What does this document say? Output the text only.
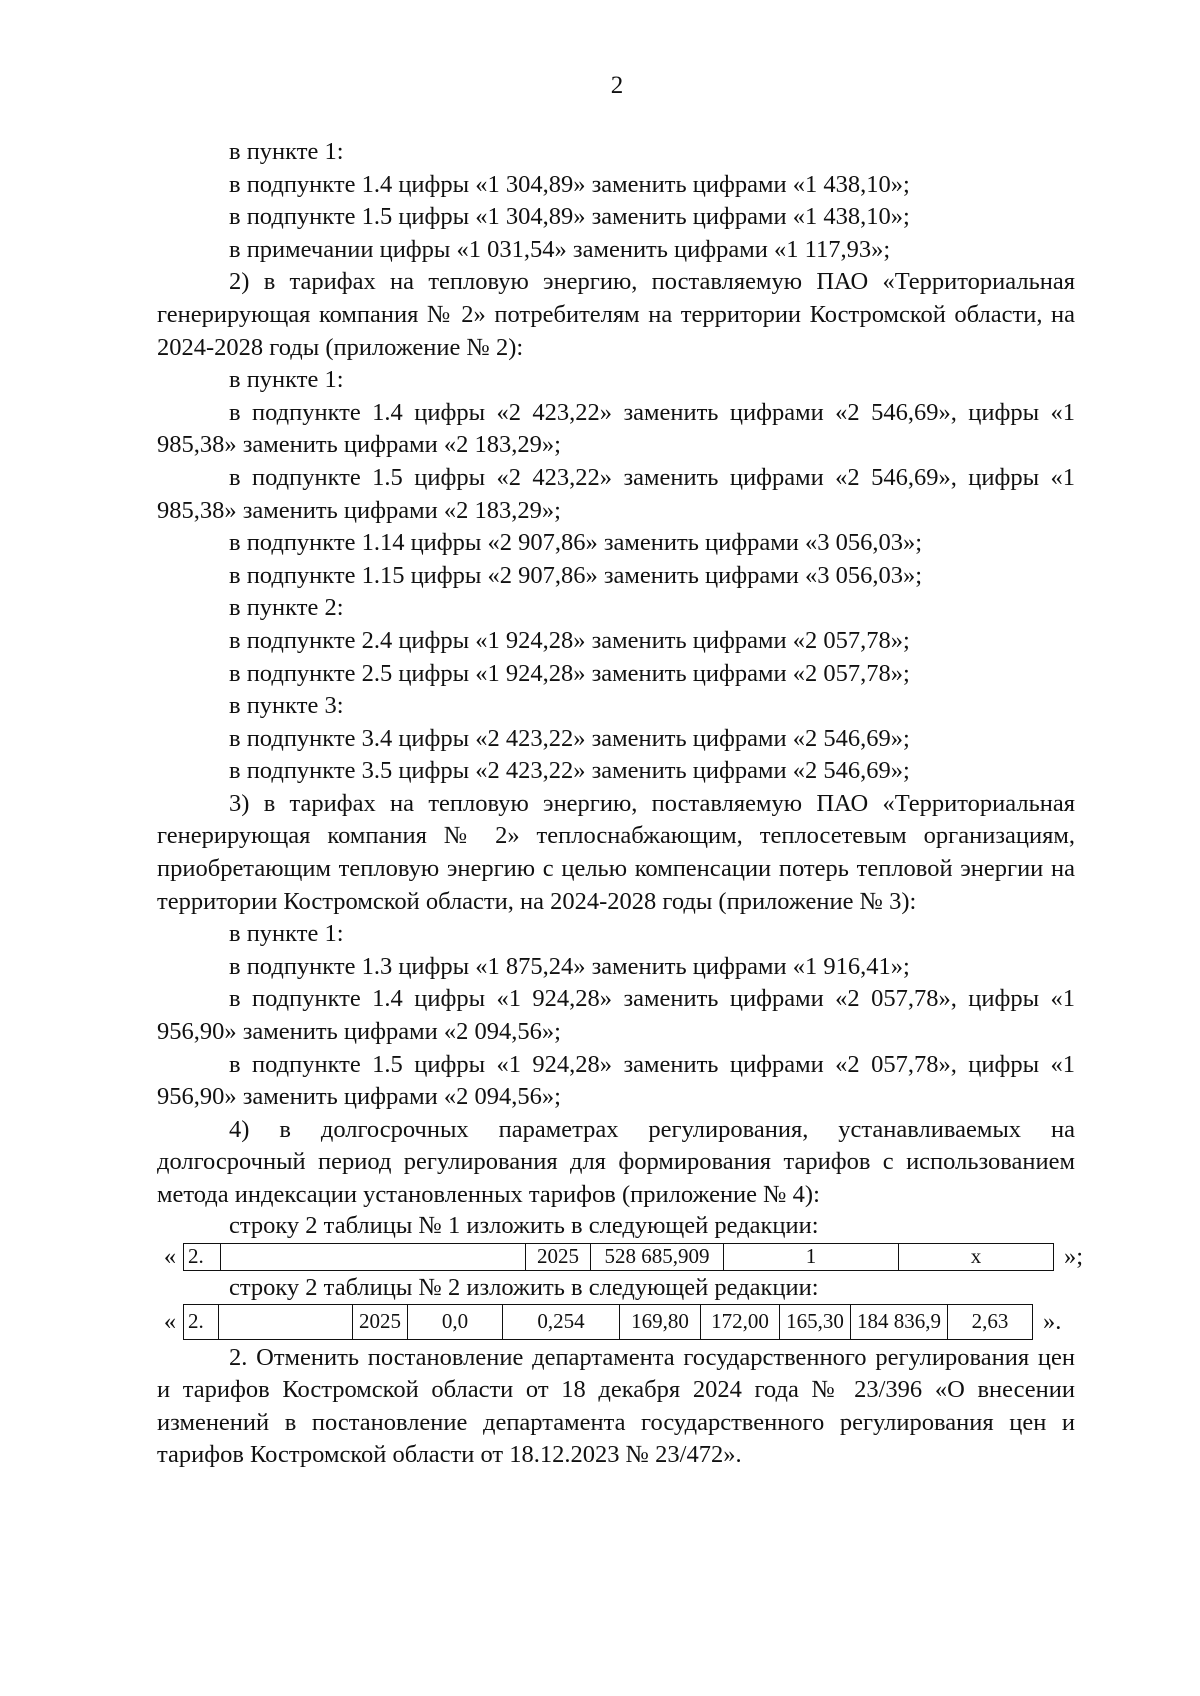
2

в пункте 1:

в подпункте 1.4 цифры «1 304,89» заменить цифрами «1 438,10»;

в подпункте 1.5 цифры «1 304,89» заменить цифрами «1 438,10»;

в примечании цифры «1 031,54» заменить цифрами «1 117,93»;

2) в тарифах на тепловую энергию, поставляемую ПАО «Территориальная генерирующая компания № 2» потребителям на территории Костромской области, на 2024-2028 годы (приложение № 2):

в пункте 1:

в подпункте 1.4 цифры «2 423,22» заменить цифрами «2 546,69», цифры «1 985,38» заменить цифрами «2 183,29»;

в подпункте 1.5 цифры «2 423,22» заменить цифрами «2 546,69», цифры «1 985,38» заменить цифрами «2 183,29»;

в подпункте 1.14 цифры «2 907,86» заменить цифрами «3 056,03»;

в подпункте 1.15 цифры «2 907,86» заменить цифрами «3 056,03»;

в пункте 2:

в подпункте 2.4 цифры «1 924,28» заменить цифрами «2 057,78»;

в подпункте 2.5 цифры «1 924,28» заменить цифрами «2 057,78»;

в пункте 3:

в подпункте 3.4 цифры «2 423,22» заменить цифрами «2 546,69»;

в подпункте 3.5 цифры «2 423,22» заменить цифрами «2 546,69»;

3) в тарифах на тепловую энергию, поставляемую ПАО «Территориальная генерирующая компания № 2» теплоснабжающим, теплосетевым организациям, приобретающим тепловую энергию с целью компенсации потерь тепловой энергии на территории Костромской области, на 2024-2028 годы (приложение № 3):

в пункте 1:

в подпункте 1.3 цифры «1 875,24» заменить цифрами «1 916,41»;

в подпункте 1.4 цифры «1 924,28» заменить цифрами «2 057,78», цифры «1 956,90» заменить цифрами «2 094,56»;

в подпункте 1.5 цифры «1 924,28» заменить цифрами «2 057,78», цифры «1 956,90» заменить цифрами «2 094,56»;

4) в долгосрочных параметрах регулирования, устанавливаемых на долгосрочный период регулирования для формирования тарифов с использованием метода индексации установленных тарифов (приложение № 4):

строку 2 таблицы № 1 изложить в следующей редакции:

« 2.		2025	528 685,909	1	x	»;

строку 2 таблицы № 2 изложить в следующей редакции:

« 2.		2025	0,0	0,254	169,80	172,00	165,30	184 836,9	2,63	».

2. Отменить постановление департамента государственного регулирования цен и тарифов Костромской области от 18 декабря 2024 года № 23/396 «О внесении изменений в постановление департамента государственного регулирования цен и тарифов Костромской области от 18.12.2023 № 23/472».
